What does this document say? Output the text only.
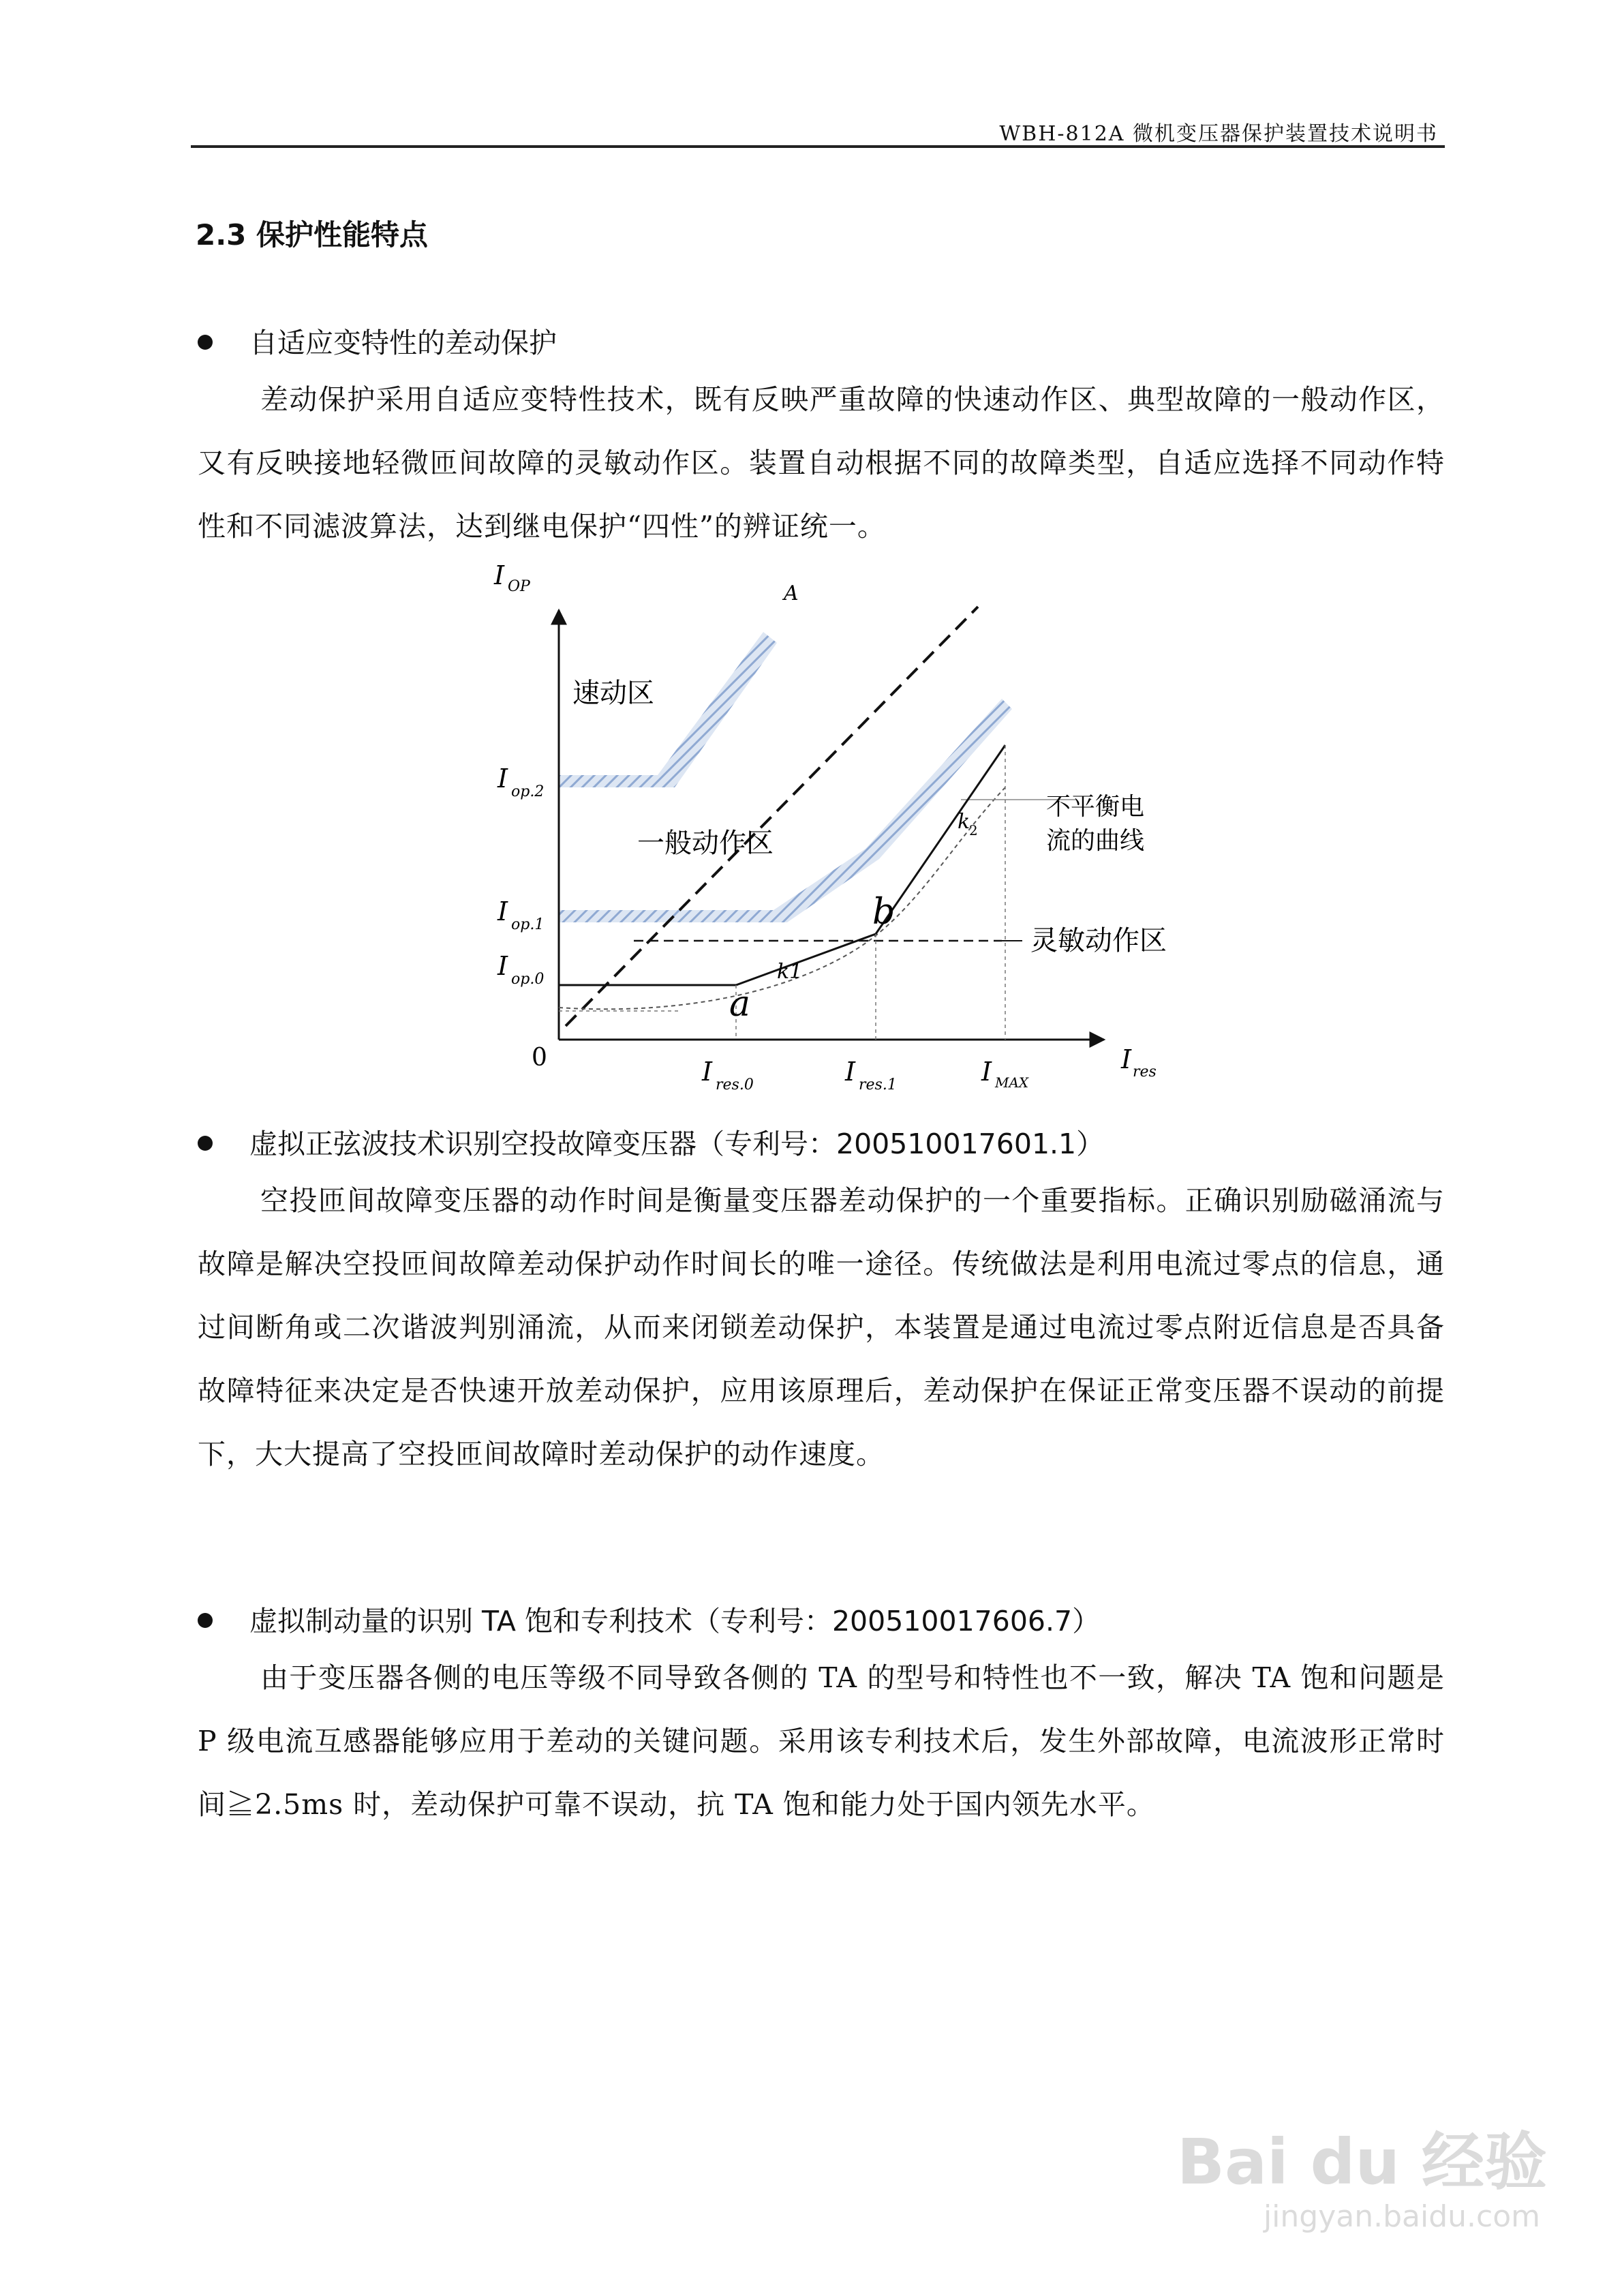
WBH-812A 微机变压器保护装置技术说明书
2.3 保护性能特点
自适应变特性的差动保护
差动保护采用自适应变特性技术，既有反映严重故障的快速动作区、典型故障的一般动作区，又有反映接地轻微匝间故障的灵敏动作区。装置自动根据不同的故障类型，自适应选择不同动作特性和不同滤波算法，达到继电保护“四性”的辨证统一。
I OP
I res
0
I op.2
I op.1
I op.0
I res.0	I res.1	I MAX
速动区
一般动作区
灵敏动作区
不平衡电
流的曲线
a
b
A
k1
k
2
虚拟正弦波技术识别空投故障变压器（专利号：200510017601.1）
空投匝间故障变压器的动作时间是衡量变压器差动保护的一个重要指标。正确识别励磁涌流与故障是解决空投匝间故障差动保护动作时间长的唯一途径。传统做法是利用电流过零点的信息，通过间断角或二次谐波判别涌流，从而来闭锁差动保护，本装置是通过电流过零点附近信息是否具备故障特征来决定是否快速开放差动保护，应用该原理后，差动保护在保证正常变压器不误动的前提下，大大提高了空投匝间故障时差动保护的动作速度。
虚拟制动量的识别 TA 饱和专利技术（专利号：200510017606.7）
由于变压器各侧的电压等级不同导致各侧的 TA 的型号和特性也不一致，解决 TA 饱和问题是 P 级电流互感器能够应用于差动的关键问题。采用该专利技术后，发生外部故障，电流波形正常时间≧2.5ms 时，差动保护可靠不误动，抗 TA 饱和能力处于国内领先水平。
Bai du 经验
jingyan.baidu.com
